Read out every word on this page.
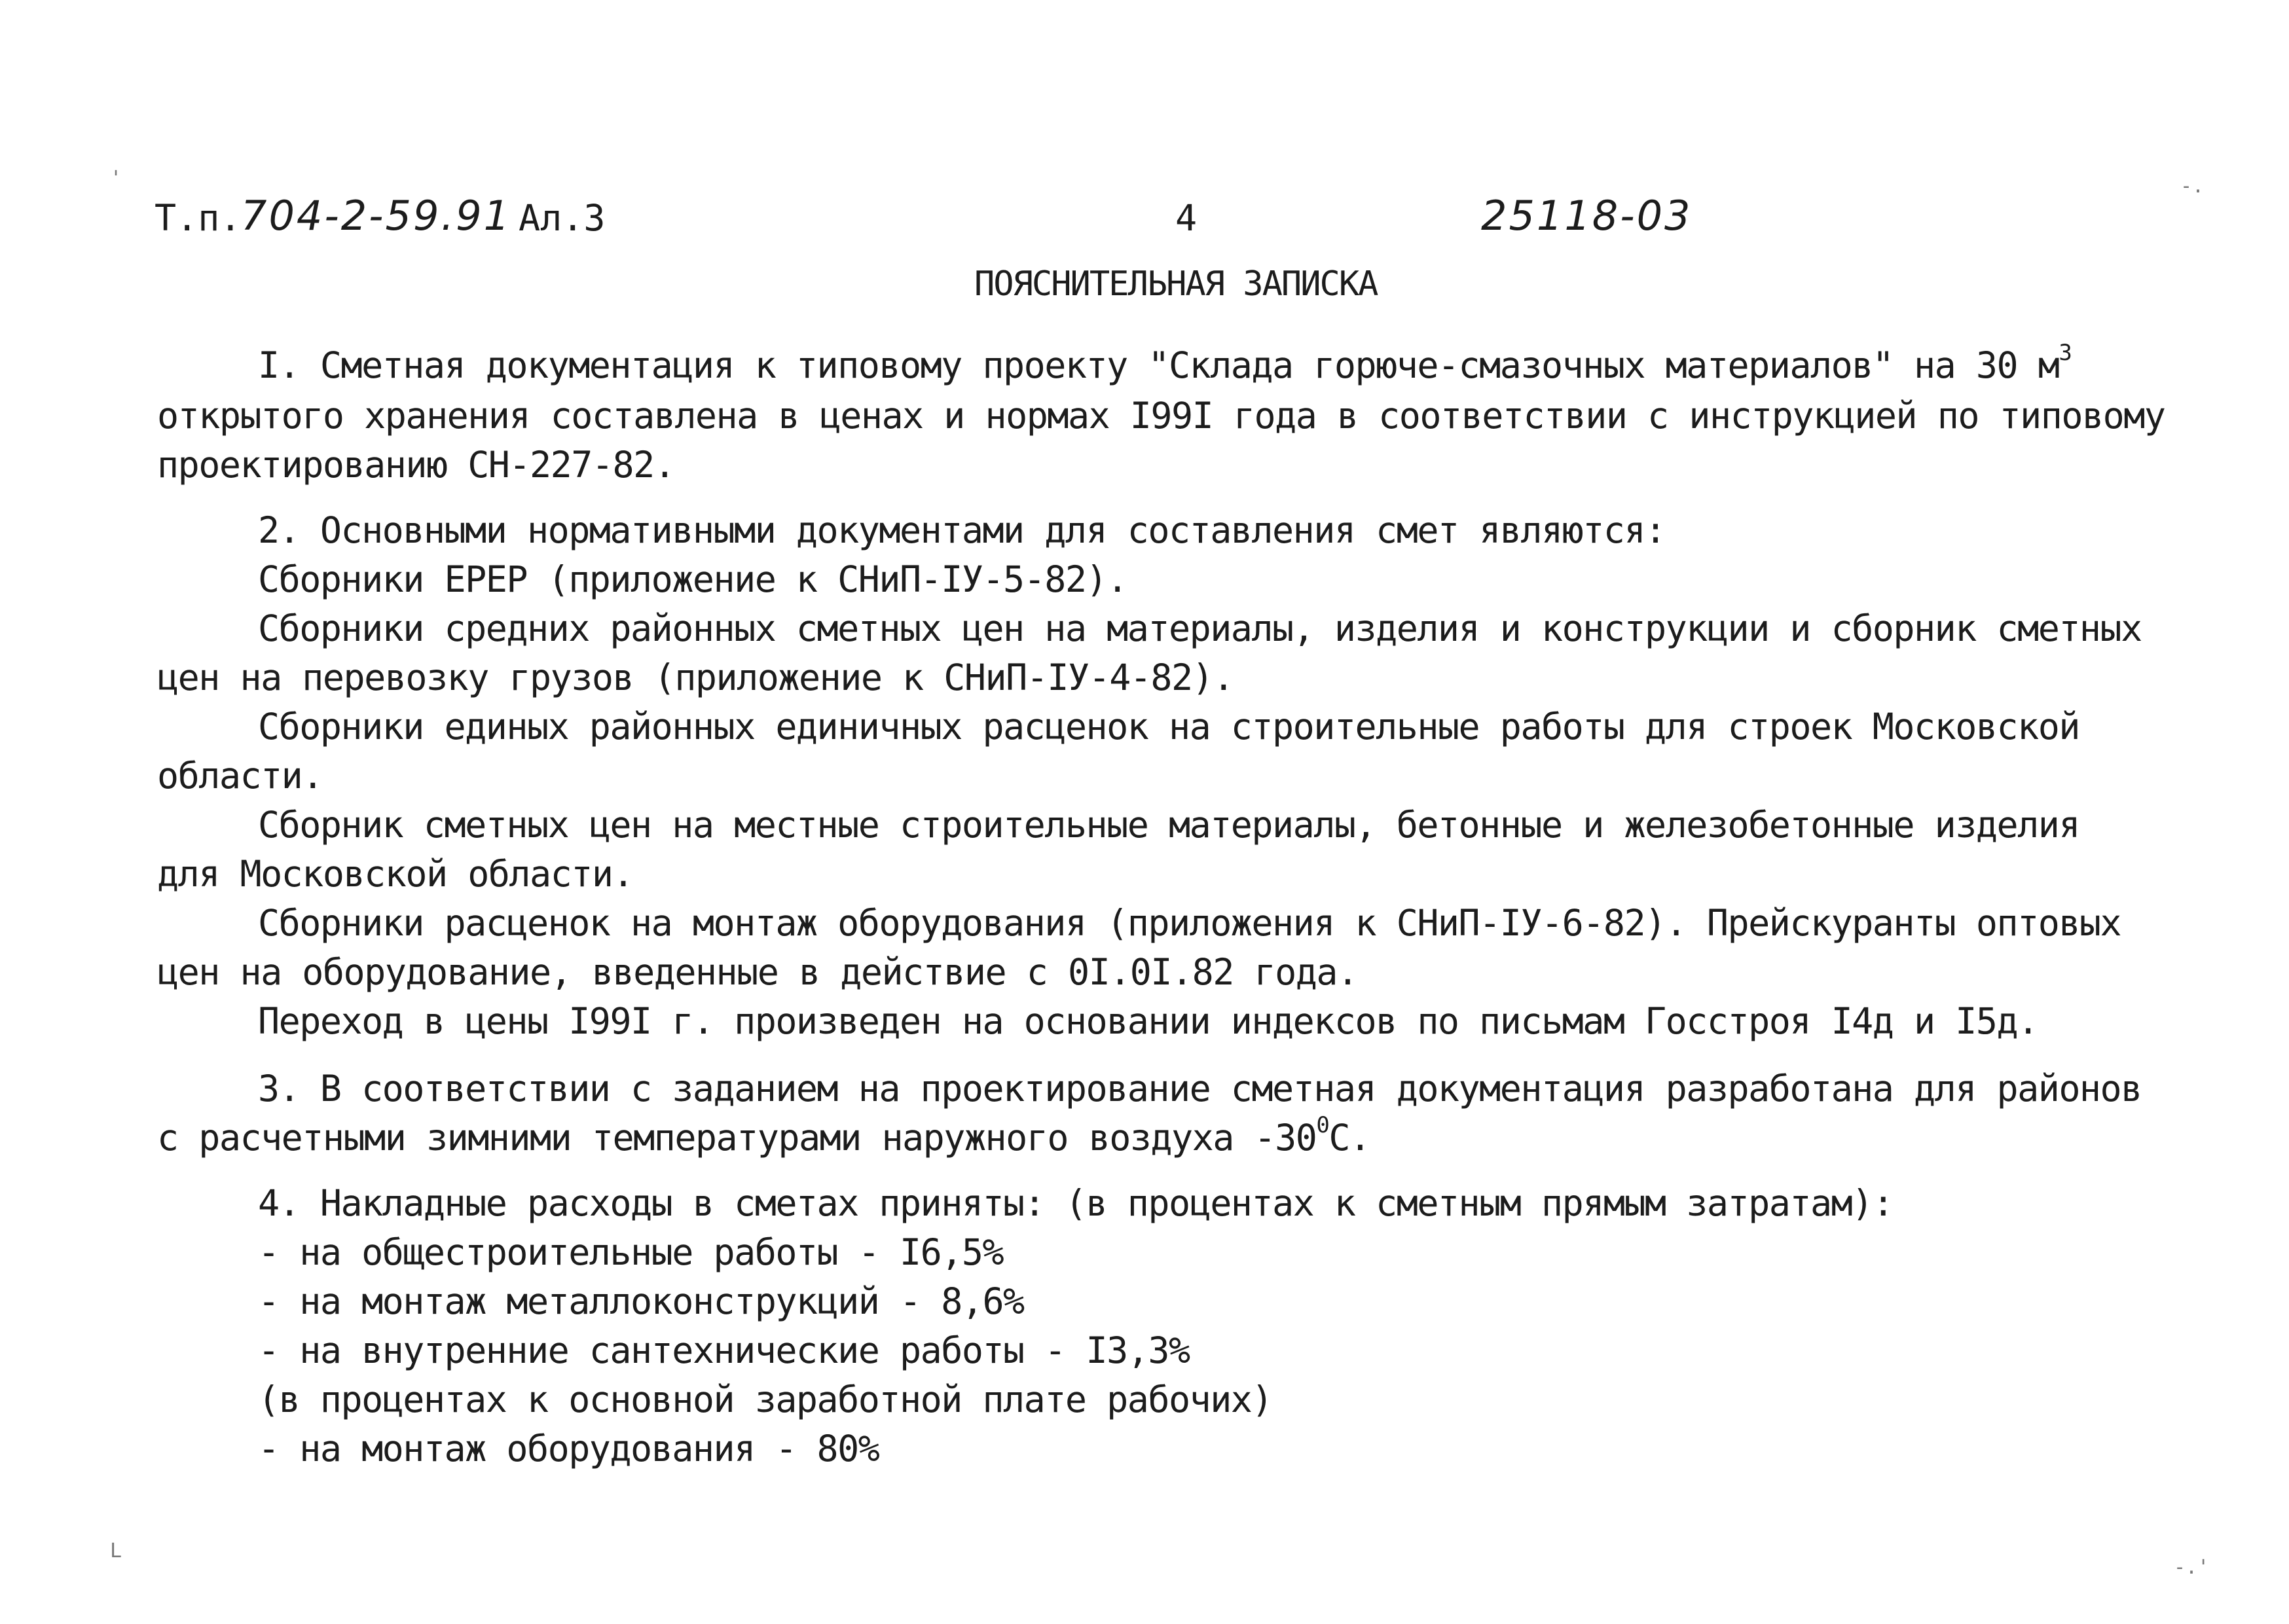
'	-.
L
-.'
Т.п. 704-2-59.91 Ал.3	4	25118-03
ПОЯСНИТЕЛЬНАЯ ЗАПИСКА
I. Сметная документация к типовому проекту "Склада горюче-смазочных материалов" на 30 $м^3$
открытого хранения составлена в ценах и нормах I99I года в соответствии с инструкцией по типовому
проектированию СН-227-82.
2. Основными нормативными документами для составления смет являются:
Сборники ЕРЕР (приложение к СНиП-IУ-5-82).
Сборники средних районных сметных цен на материалы, изделия и конструкции и сборник сметных
цен на перевозку грузов (приложение к СНиП-IУ-4-82).
Сборники единых районных единичных расценок на строительные работы для строек Московской
области.
Сборник сметных цен на местные строительные материалы, бетонные и железобетонные изделия
для Московской области.
Сборники расценок на монтаж оборудования (приложения к СНиП-IУ-6-82). Прейскуранты оптовых
цен на оборудование, введенные в действие с 0I.0I.82 года.
Переход в цены I99I г. произведен на основании индексов по письмам Госстроя I4д и I5д.
3. В соответствии с заданием на проектирование сметная документация разработана для районов
с расчетными зимними температурами наружного воздуха $-30^0С$.
4. Накладные расходы в сметах приняты: (в процентах к сметным прямым затратам):
- на общестроительные работы - I6,5%
- на монтаж металлоконструкций - 8,6%
- на внутренние сантехнические работы - I3,3%
(в процентах к основной заработной плате рабочих)
- на монтаж оборудования - 80%
